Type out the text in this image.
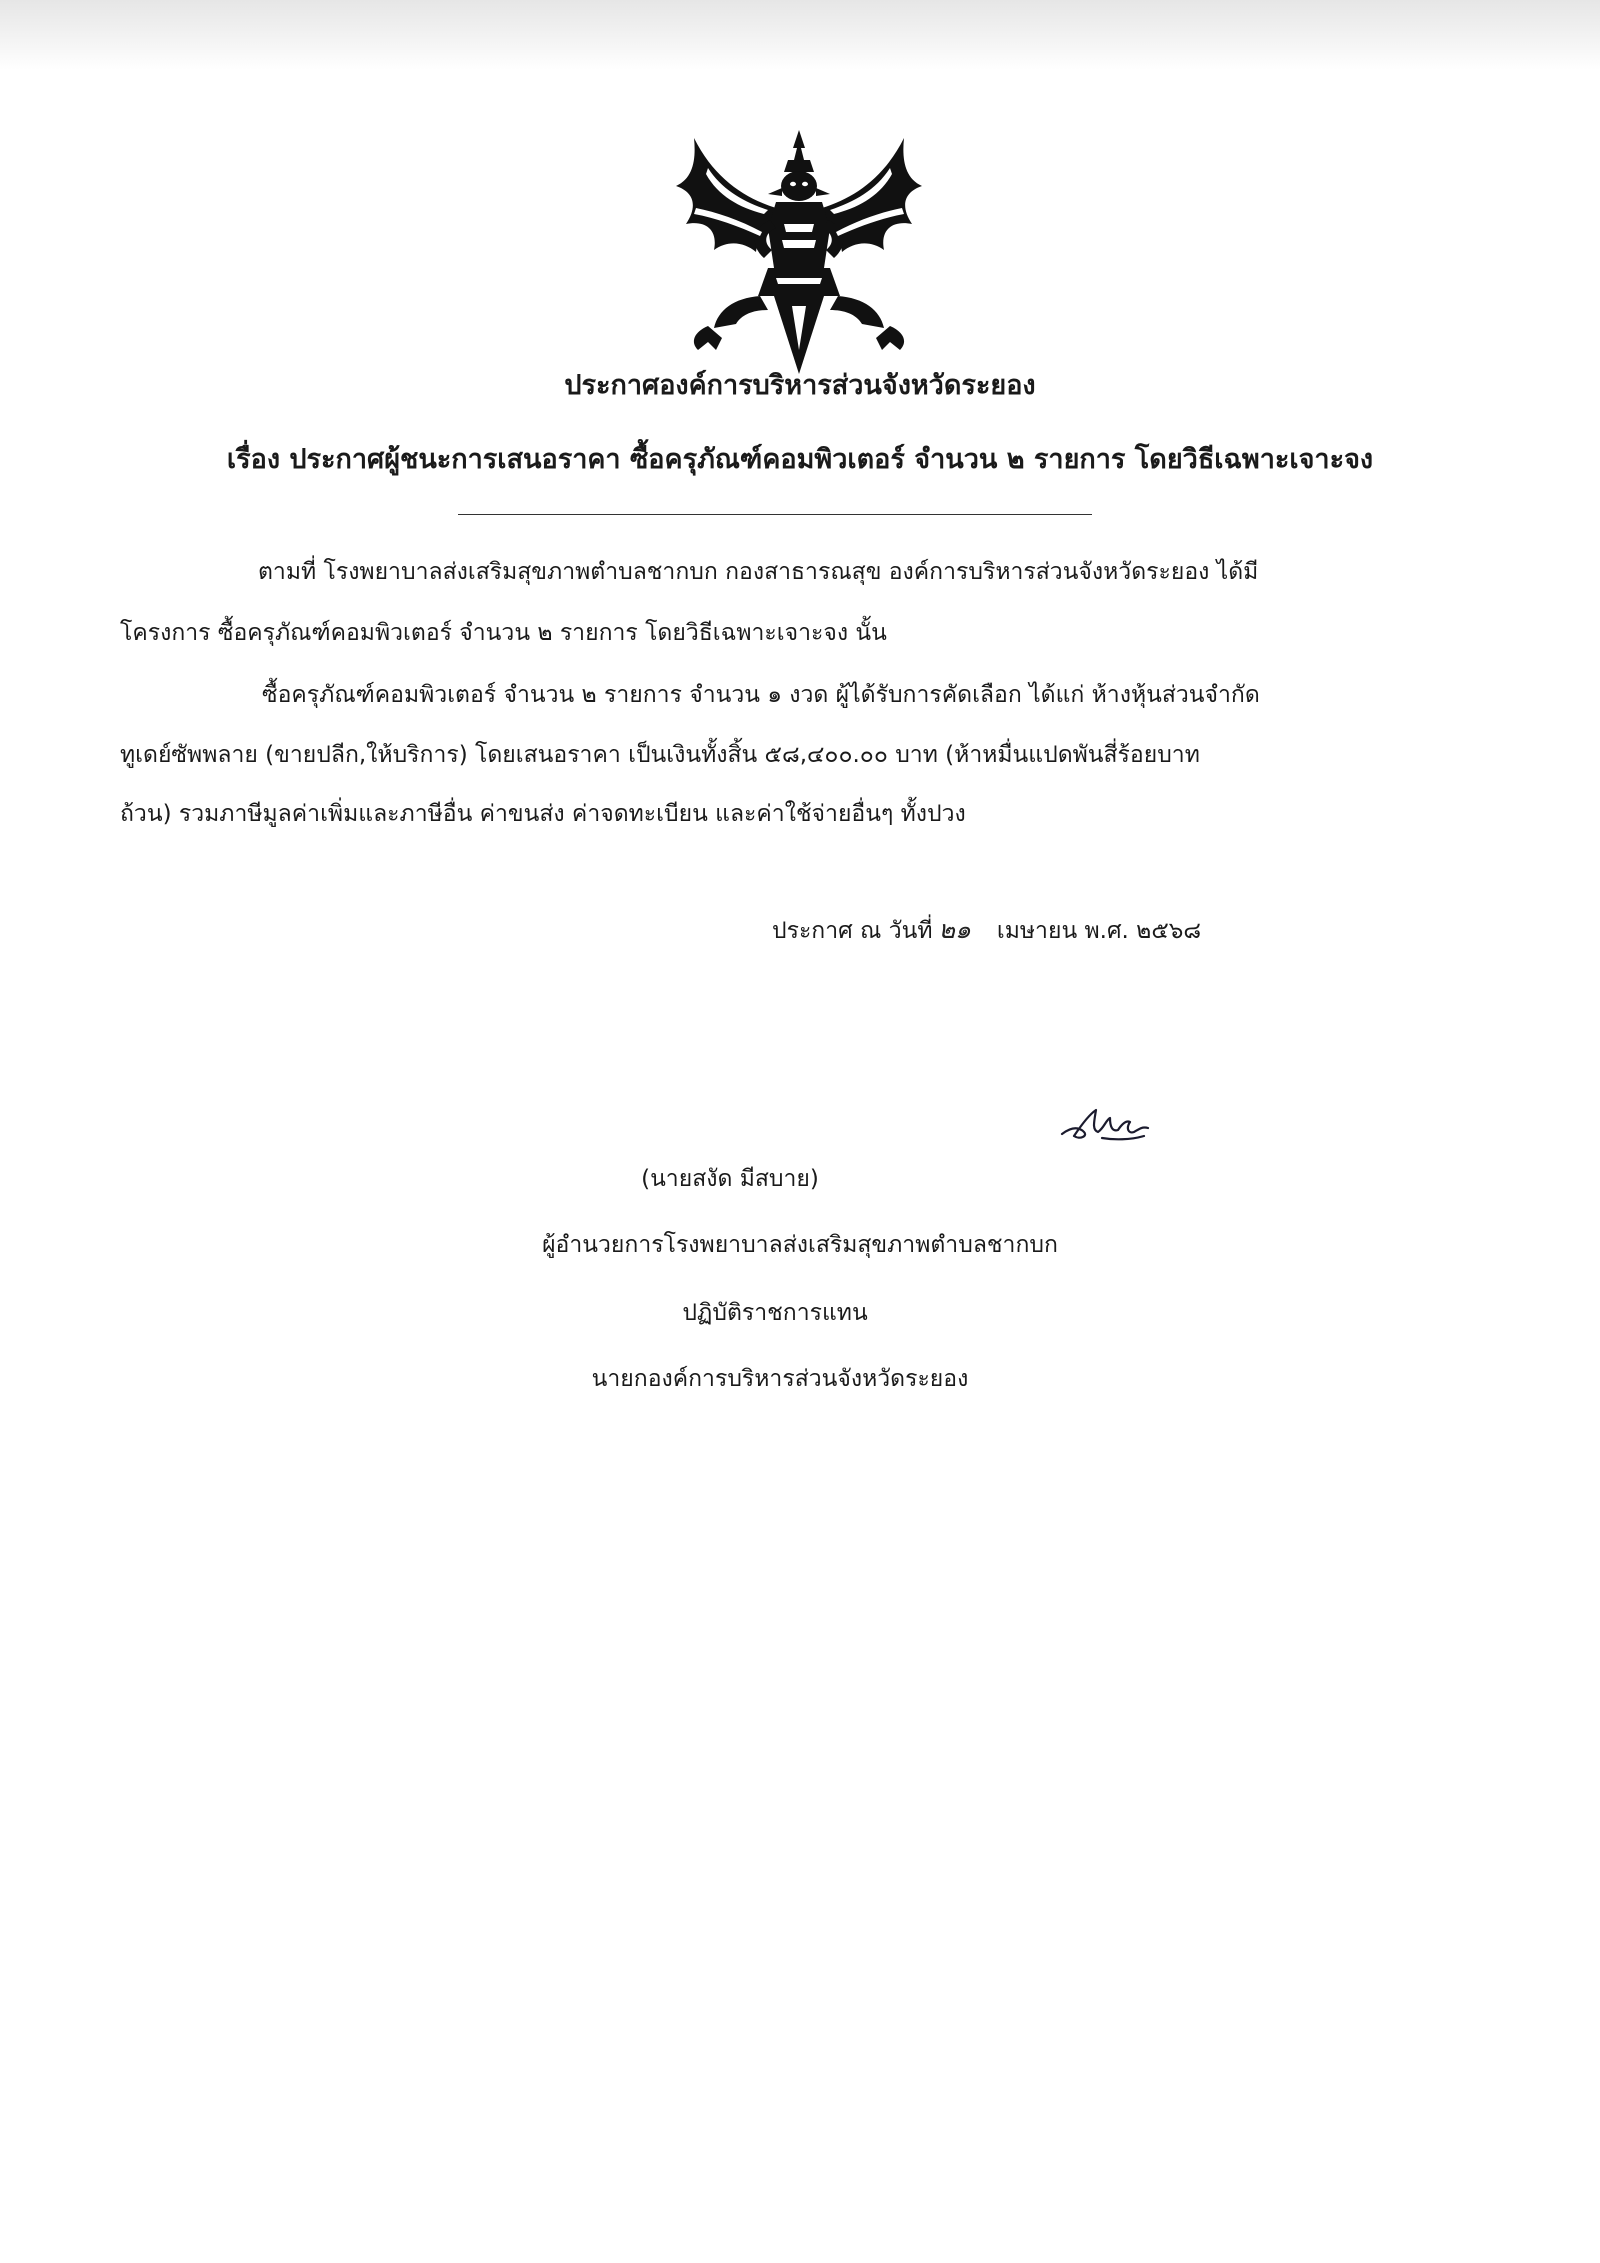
ประกาศองค์การบริหารส่วนจังหวัดระยอง
เรื่อง ประกาศผู้ชนะการเสนอราคา ซื้อครุภัณฑ์คอมพิวเตอร์ จำนวน ๒ รายการ โดยวิธีเฉพาะเจาะจง
ตามที่ โรงพยาบาลส่งเสริมสุขภาพตำบลชากบก กองสาธารณสุข องค์การบริหารส่วนจังหวัดระยอง ได้มี
โครงการ ซื้อครุภัณฑ์คอมพิวเตอร์ จำนวน ๒ รายการ โดยวิธีเฉพาะเจาะจง นั้น
ซื้อครุภัณฑ์คอมพิวเตอร์ จำนวน ๒ รายการ จำนวน ๑ งวด ผู้ได้รับการคัดเลือก ได้แก่ ห้างหุ้นส่วนจำกัด
ทูเดย์ซัพพลาย (ขายปลีก,ให้บริการ) โดยเสนอราคา เป็นเงินทั้งสิ้น ๕๘,๔๐๐.๐๐ บาท (ห้าหมื่นแปดพันสี่ร้อยบาท
ถ้วน) รวมภาษีมูลค่าเพิ่มและภาษีอื่น ค่าขนส่ง ค่าจดทะเบียน และค่าใช้จ่ายอื่นๆ ทั้งปวง
ประกาศ ณ วันที่ ๒๑ เมษายน พ.ศ. ๒๕๖๘
(นายสงัด มีสบาย)
ผู้อำนวยการโรงพยาบาลส่งเสริมสุขภาพตำบลชากบก
ปฏิบัติราชการแทน
นายกองค์การบริหารส่วนจังหวัดระยอง
